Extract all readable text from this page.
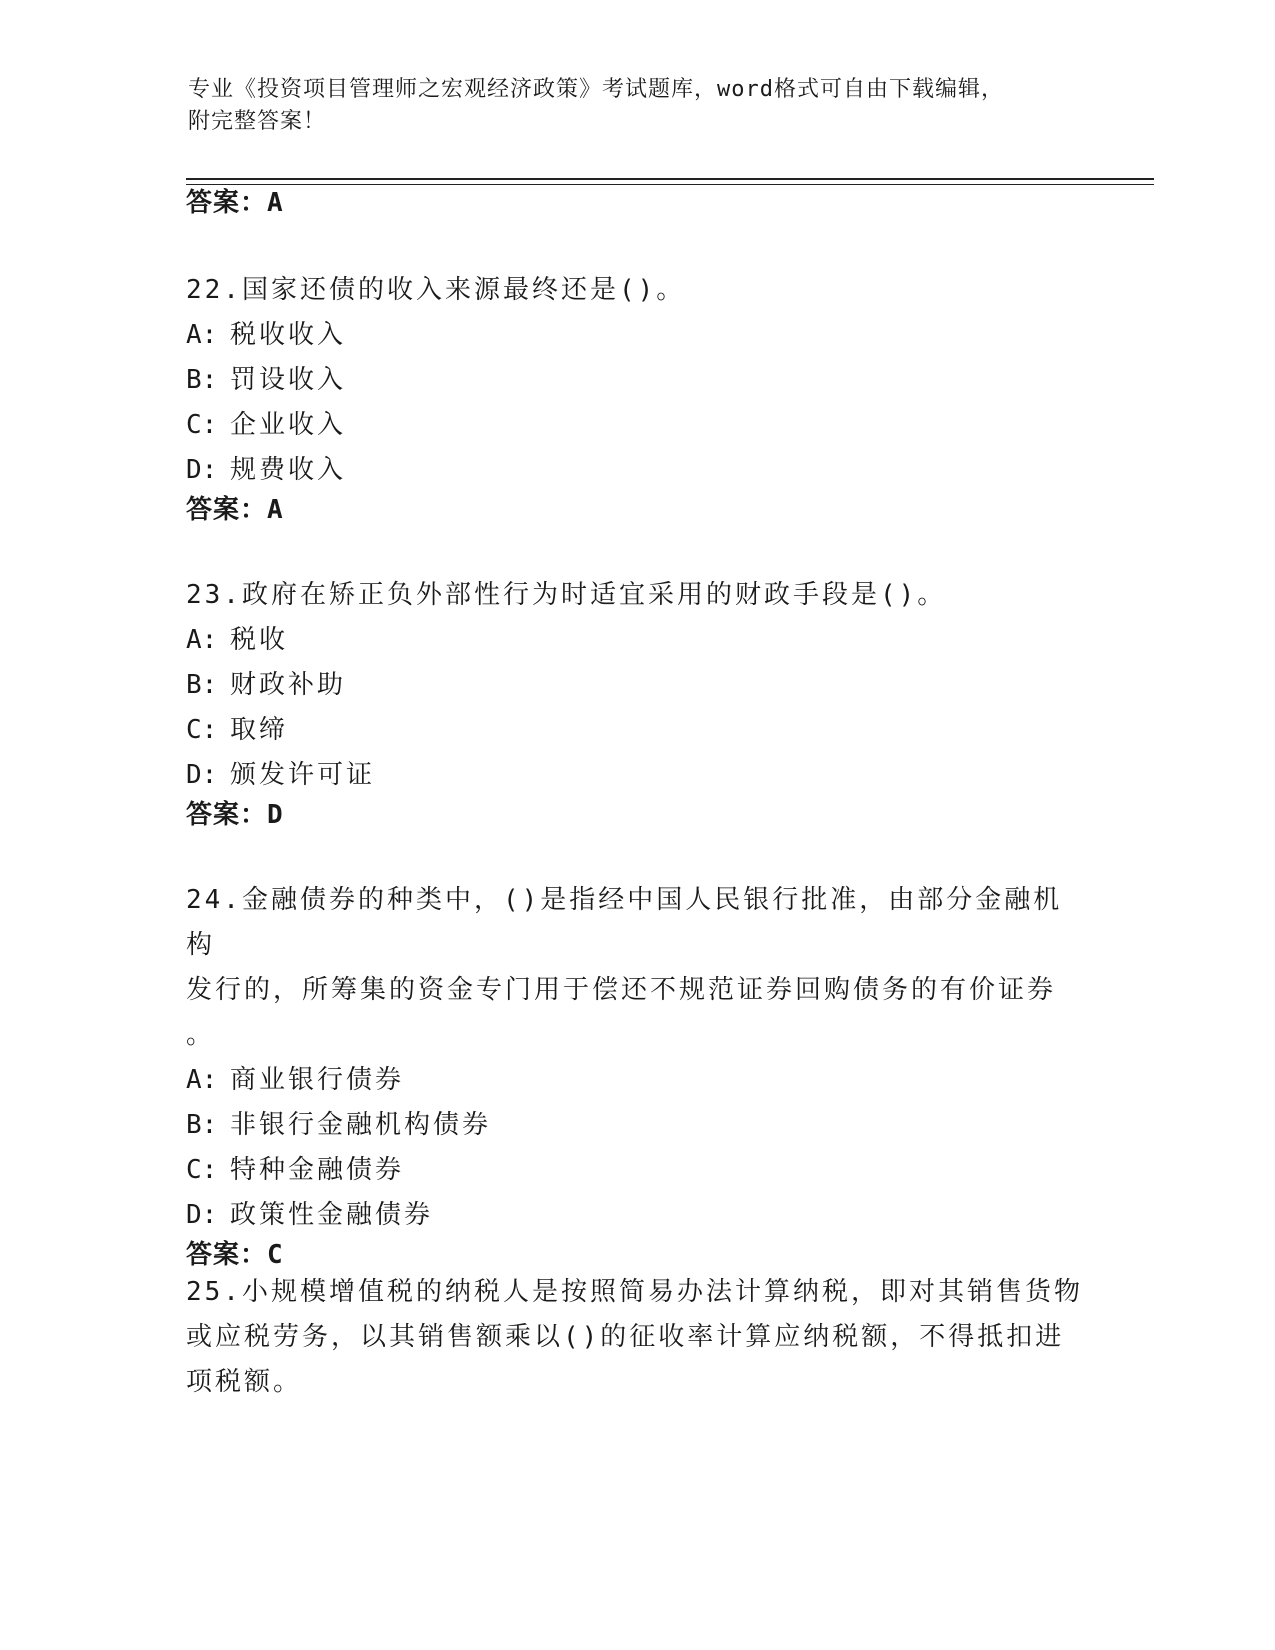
专业《投资项目管理师之宏观经济政策》考试题库，word格式可自由下载编辑，
附完整答案！
答案：A
22.国家还债的收入来源最终还是()。
A: 税收收入
B: 罚设收入
C: 企业收入
D: 规费收入
答案：A
23.政府在矫正负外部性行为时适宜采用的财政手段是()。
A: 税收
B: 财政补助
C: 取缔
D: 颁发许可证
答案：D
24.金融债券的种类中，()是指经中国人民银行批准，由部分金融机构
发行的，所筹集的资金专门用于偿还不规范证券回购债务的有价证券
。
A: 商业银行债券
B: 非银行金融机构债券
C: 特种金融债券
D: 政策性金融债券
答案：C
25.小规模增值税的纳税人是按照简易办法计算纳税，即对其销售货物
或应税劳务，以其销售额乘以()的征收率计算应纳税额，不得抵扣进
项税额。
